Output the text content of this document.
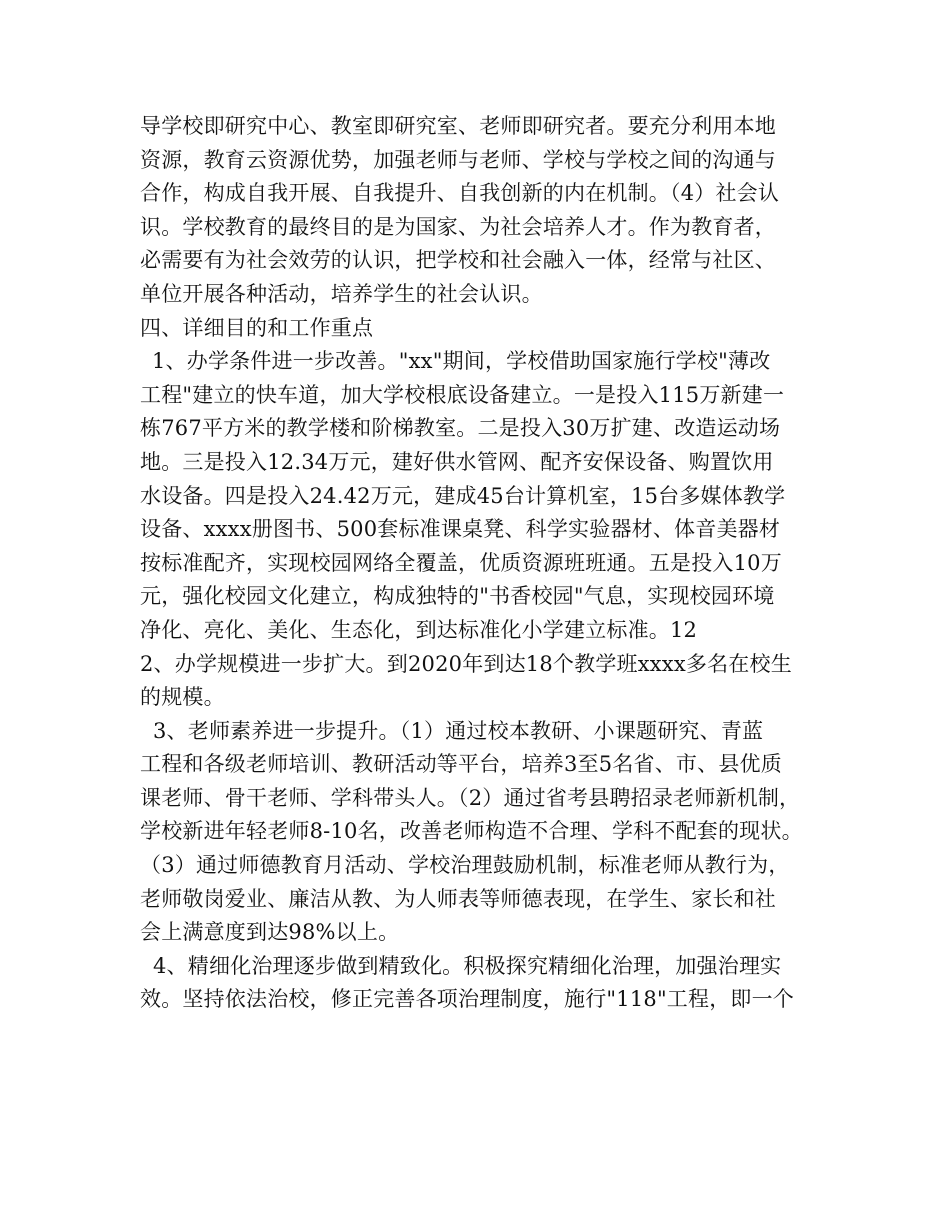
导学校即研究中心、教室即研究室、老师即研究者。要充分利用本地
资源，教育云资源优势，加强老师与老师、学校与学校之间的沟通与
合作，构成自我开展、自我提升、自我创新的内在机制。（4）社会认
识。学校教育的最终目的是为国家、为社会培养人才。作为教育者，
必需要有为社会效劳的认识，把学校和社会融入一体，经常与社区、
单位开展各种活动，培养学生的社会认识。
四、详细目的和工作重点
1、办学条件进一步改善。"xx"期间，学校借助国家施行学校"薄改
工程"建立的快车道，加大学校根底设备建立。一是投入115万新建一
栋767平方米的教学楼和阶梯教室。二是投入30万扩建、改造运动场
地。三是投入12.34万元，建好供水管网、配齐安保设备、购置饮用
水设备。四是投入24.42万元，建成45台计算机室，15台多媒体教学
设备、xxxx册图书、500套标准课桌凳、科学实验器材、体音美器材
按标准配齐，实现校园网络全覆盖，优质资源班班通。五是投入10万
元，强化校园文化建立，构成独特的"书香校园"气息，实现校园环境
净化、亮化、美化、生态化，到达标准化小学建立标准。12
2、办学规模进一步扩大。到2020年到达18个教学班xxxx多名在校生
的规模。
3、老师素养进一步提升。（1）通过校本教研、小课题研究、青蓝
工程和各级老师培训、教研活动等平台，培养3至5名省、市、县优质
课老师、骨干老师、学科带头人。（2）通过省考县聘招录老师新机制，
学校新进年轻老师8-10名，改善老师构造不合理、学科不配套的现状。
（3）通过师德教育月活动、学校治理鼓励机制，标准老师从教行为，
老师敬岗爱业、廉洁从教、为人师表等师德表现，在学生、家长和社
会上满意度到达98%以上。
4、精细化治理逐步做到精致化。积极探究精细化治理，加强治理实
效。坚持依法治校，修正完善各项治理制度，施行"118"工程，即一个
